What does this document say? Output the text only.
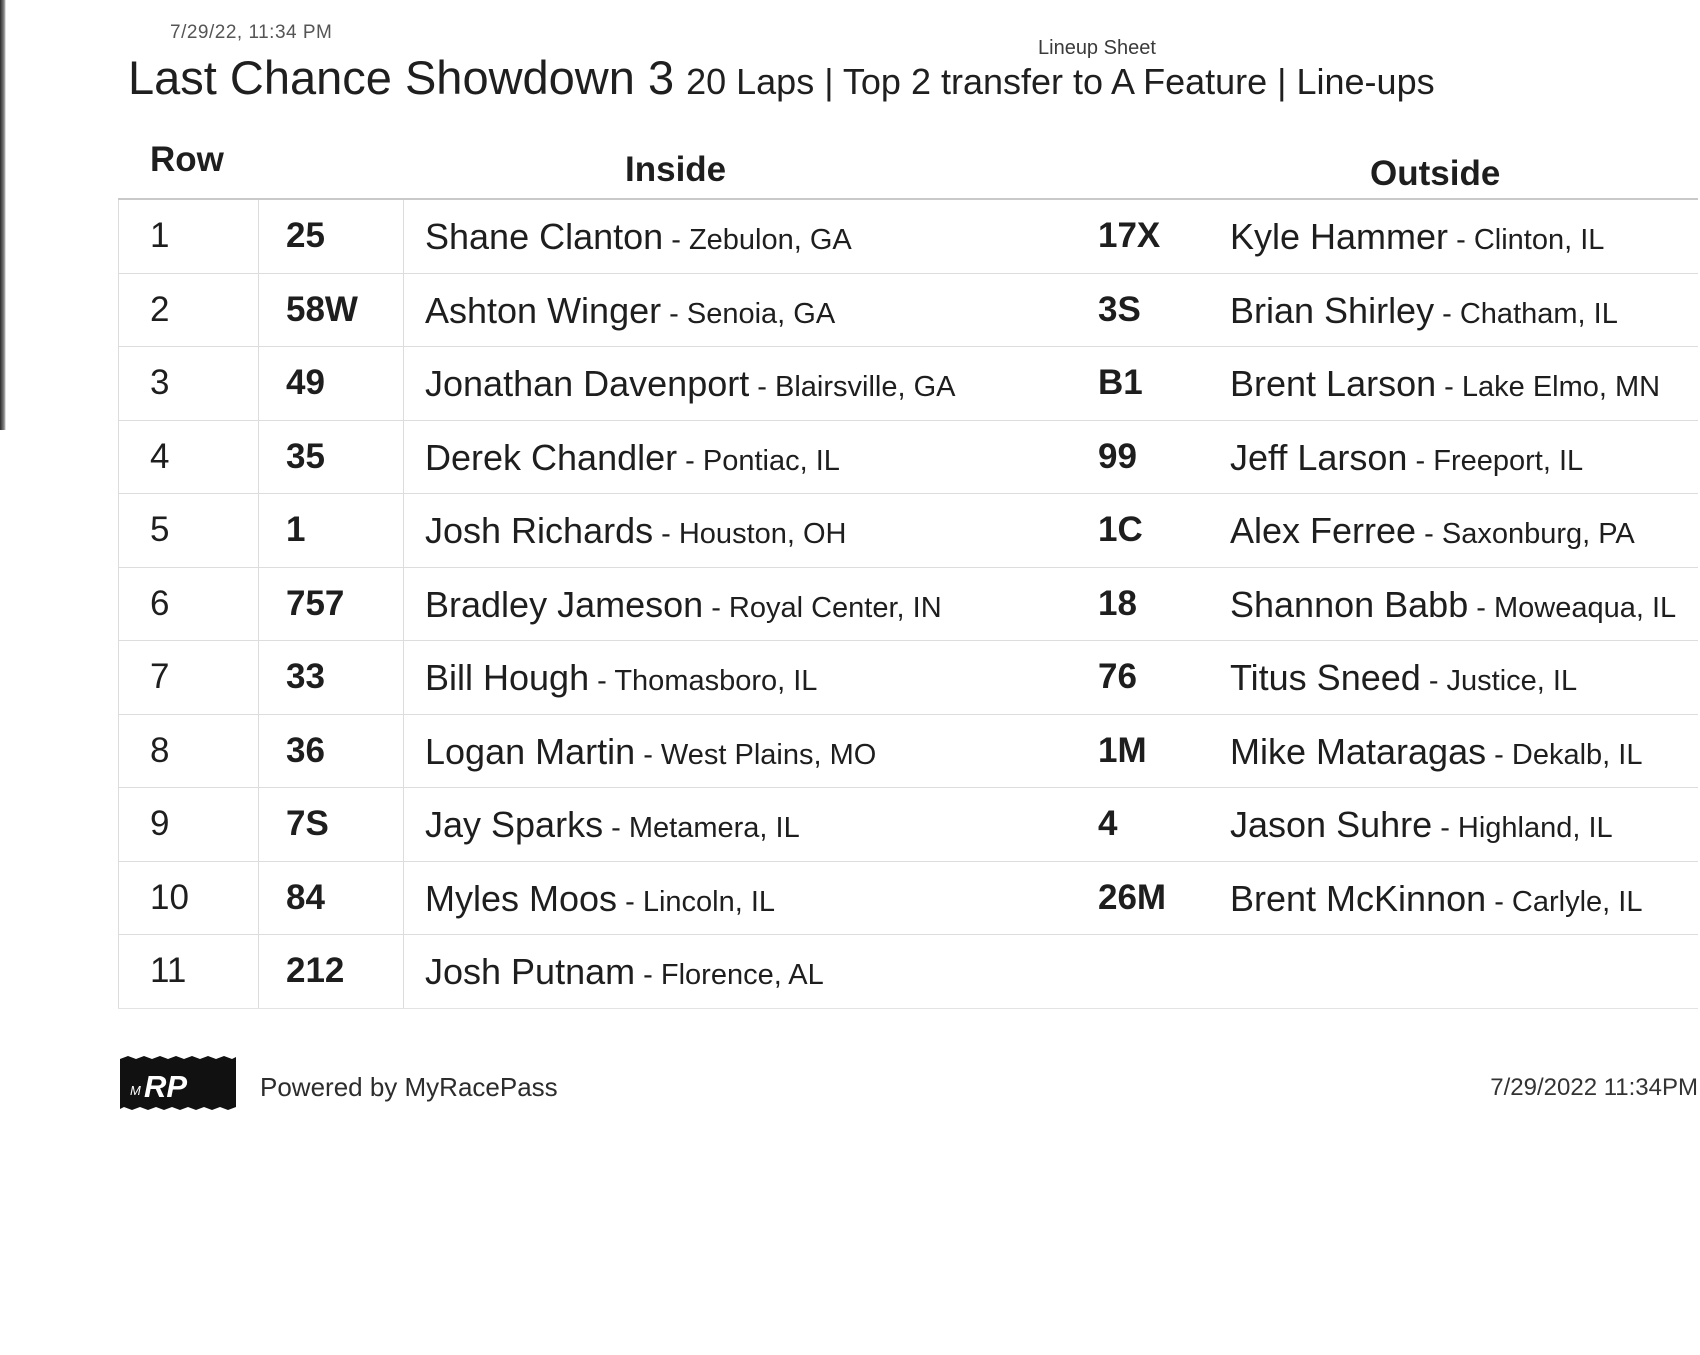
7/29/22, 11:34 PM
Lineup Sheet
Last Chance Showdown 3 20 Laps | Top 2 transfer to A Feature | Line-ups
Row	Inside	Outside
1	25	Shane Clanton - Zebulon, GA	17X Kyle Hammer - Clinton, IL
2	58W Ashton Winger - Senoia, GA	3S Brian Shirley - Chatham, IL
3	49	Jonathan Davenport - Blairsville, GA	B1 Brent Larson - Lake Elmo, MN
4	35	Derek Chandler - Pontiac, IL	99	Jeff Larson - Freeport, IL
5	1	Josh Richards - Houston, OH	1C Alex Ferree - Saxonburg, PA
6	757 Bradley Jameson - Royal Center, IN	18	Shannon Babb - Moweaqua, IL
7	33	Bill Hough - Thomasboro, IL	76	Titus Sneed - Justice, IL
8	36	Logan Martin - West Plains, MO	1M Mike Mataragas - Dekalb, IL
9	7S	Jay Sparks - Metamera, IL	4	Jason Suhre - Highland, IL
10	84	Myles Moos - Lincoln, IL	26M Brent McKinnon - Carlyle, IL
11	212 Josh Putnam - Florence, AL
M RP	Powered by MyRacePass	7/29/2022 11:34PM
